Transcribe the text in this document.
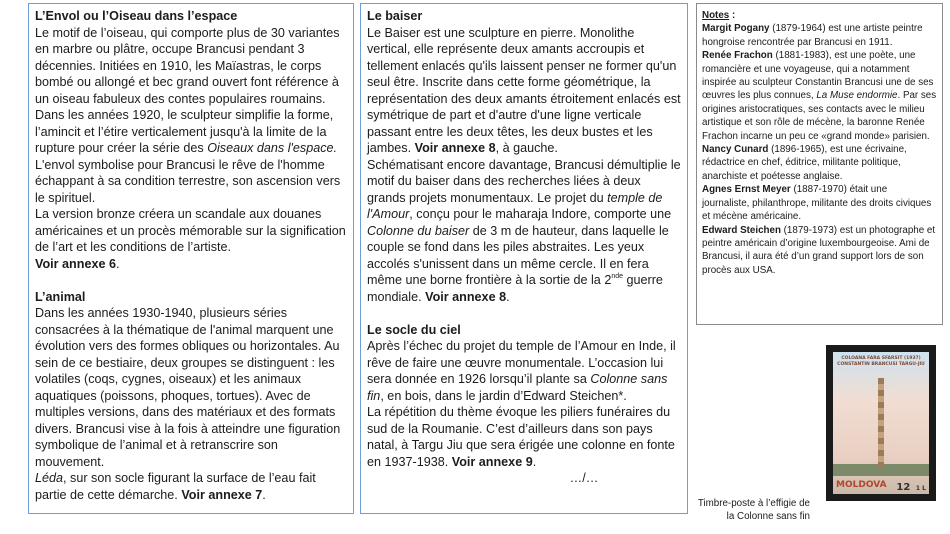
L’Envol ou l’Oiseau dans l’espace

Le motif de l’oiseau, qui comporte plus de 30 variantes en marbre ou plâtre, occupe Brancusi pendant 3 décennies. Initiées en 1910, les Maïastras, le corps bombé ou allongé et bec grand ouvert font référence à un oiseau fabuleux des contes populaires roumains.

Dans les années 1920, le sculpteur simplifie la forme, l’amincit et l’étire verticalement jusqu'à la limite de la rupture pour créer la série des Oiseaux dans l'espace.

L'envol symbolise pour Brancusi le rêve de l'homme échappant à sa condition terrestre, son ascension vers le spirituel.

La version bronze créera un scandale aux douanes américaines et un procès mémorable sur la signification de l’art et les conditions de l’artiste.

Voir annexe 6.

L’animal

Dans les années 1930-1940, plusieurs séries consacrées à la thématique de l'animal marquent une évolution vers des formes obliques ou horizontales. Au sein de ce bestiaire, deux groupes se distinguent : les volatiles (coqs, cygnes, oiseaux) et les animaux aquatiques (poissons, phoques, tortues). Avec de multiples versions, dans des matériaux et des formats divers. Brancusi vise à la fois à atteindre une figuration symbolique de l’animal et à retranscrire son mouvement.

Léda, sur son socle figurant la surface de l’eau fait partie de cette démarche. Voir annexe 7.

Le baiser

Le Baiser est une sculpture en pierre. Monolithe vertical, elle représente deux amants accroupis et tellement enlacés qu'ils laissent penser ne former qu'un seul être. Inscrite dans cette forme géométrique, la représentation des deux amants étroitement enlacés est symétrique de part et d'autre d'une ligne verticale passant entre les deux têtes, les deux bustes et les jambes. Voir annexe 8, à gauche.

Schématisant encore davantage, Brancusi démultiplie le motif du baiser dans des recherches liées à deux grands projets monumentaux. Le projet du temple de l'Amour, conçu pour le maharaja Indore, comporte une Colonne du baiser de 3 m de hauteur, dans laquelle le couple se fond dans les piles abstraites. Les yeux accolés s'unissent dans un même cercle. Il en fera même une borne frontière à la sortie de la 2nde guerre mondiale. Voir annexe 8.

Le socle du ciel

Après l’échec du projet du temple de l’Amour en Inde, il rêve de faire une œuvre monumentale. L’occasion lui sera donnée en 1926 lorsqu’il plante sa Colonne sans fin, en bois, dans le jardin d’Edward Steichen*.

La répétition du thème évoque les piliers funéraires du sud de la Roumanie. C’est d’ailleurs dans son pays natal, à Targu Jiu que sera érigée une colonne en fonte en 1937-1938. Voir annexe 9.

…/…

Notes :

Margit Pogany (1879-1964) est une artiste peintre hongroise rencontrée par Brancusi en 1911.

Renée Frachon (1881-1983), est une poète, une romancière et une voyageuse, qui a notamment inspirée au sculpteur Constantin Brancusi une de ses œuvres les plus connues, La Muse endormie. Par ses origines aristocratiques, ses contacts avec le milieu artistique et son rôle de mécène, la baronne Renée Frachon incarne un peu ce «grand monde» parisien.

Nancy Cunard (1896-1965), est une écrivaine, rédactrice en chef, éditrice, militante politique, anarchiste et poétesse anglaise.

Agnes Ernst Meyer (1887-1970) était une journaliste, philanthrope, militante des droits civiques et mécène américaine.

Edward Steichen (1879-1973) est un photographe et peintre américain d’origine luxembourgeoise. Ami de Brancusi, il aura été d’un grand support lors de son procès aux USA.

COLOANA FARA SFARSIT (1937) CONSTANTIN BRANCUSI TARGU-JIU
MOLDOVA 12 1 L
Timbre-poste à l’effigie de la Colonne sans fin
